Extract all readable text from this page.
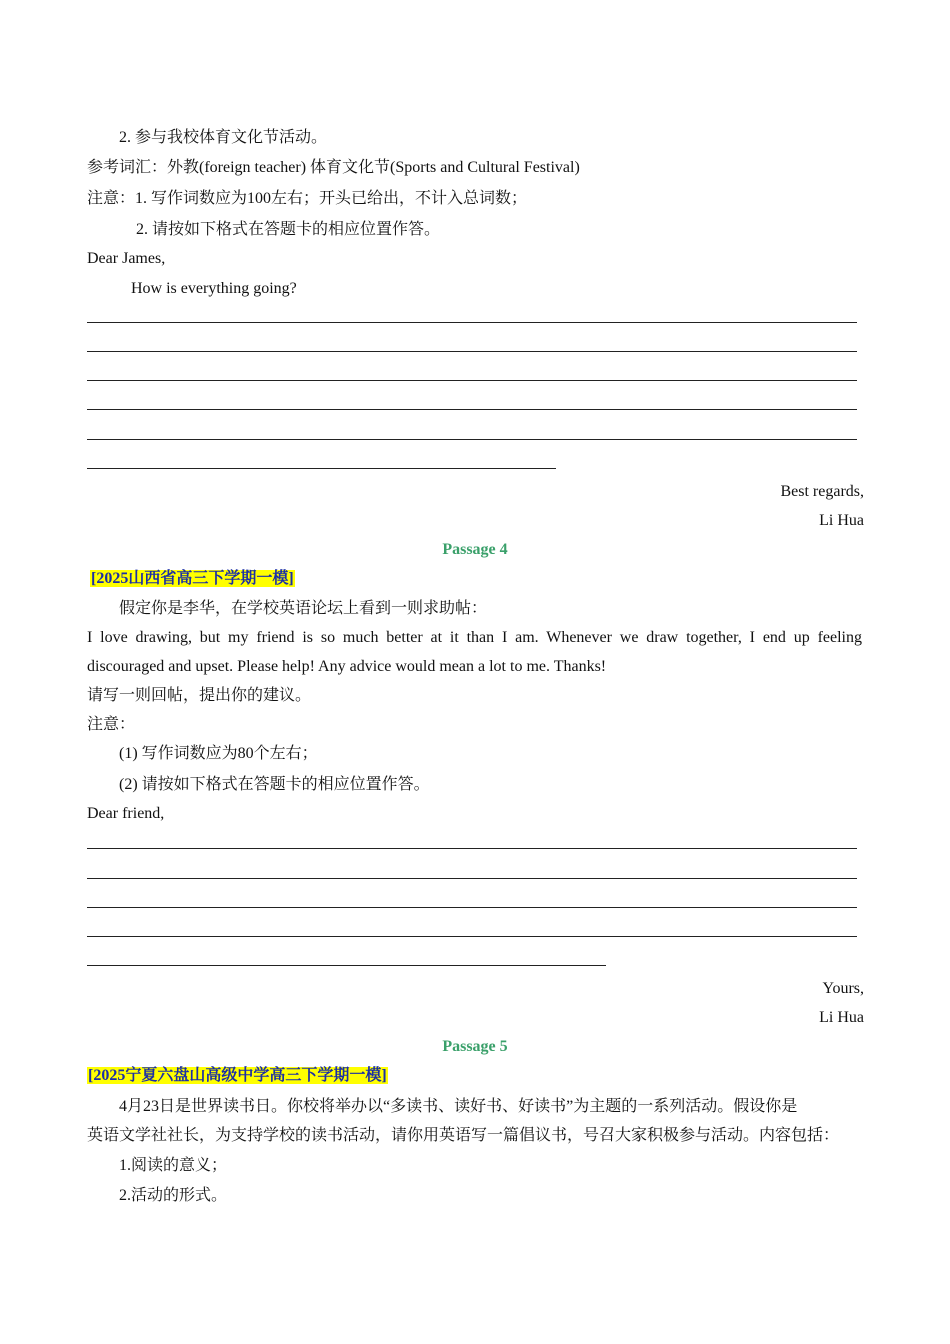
2. 参与我校体育文化节活动。
参考词汇：外教(foreign teacher) 体育文化节(Sports and Cultural Festival)
注意：1. 写作词数应为100左右；开头已给出，不计入总词数；
2. 请按如下格式在答题卡的相应位置作答。
Dear James,
How is everything going?
Best regards,
Li Hua
Passage 4
[2025山西省高三下学期一模]
假定你是李华，在学校英语论坛上看到一则求助帖：
I love drawing, but my friend is so much better at it than I am. Whenever we draw together, I end up feeling
discouraged and upset. Please help! Any advice would mean a lot to me. Thanks!
请写一则回帖，提出你的建议。
注意：
(1) 写作词数应为80个左右；
(2) 请按如下格式在答题卡的相应位置作答。
Dear friend,
Yours,
Li Hua
Passage 5
[2025宁夏六盘山高级中学高三下学期一模]
4月23日是世界读书日。你校将举办以“多读书、读好书、好读书”为主题的一系列活动。假设你是
英语文学社社长，为支持学校的读书活动，请你用英语写一篇倡议书，号召大家积极参与活动。内容包括：
1.阅读的意义；
2.活动的形式。
